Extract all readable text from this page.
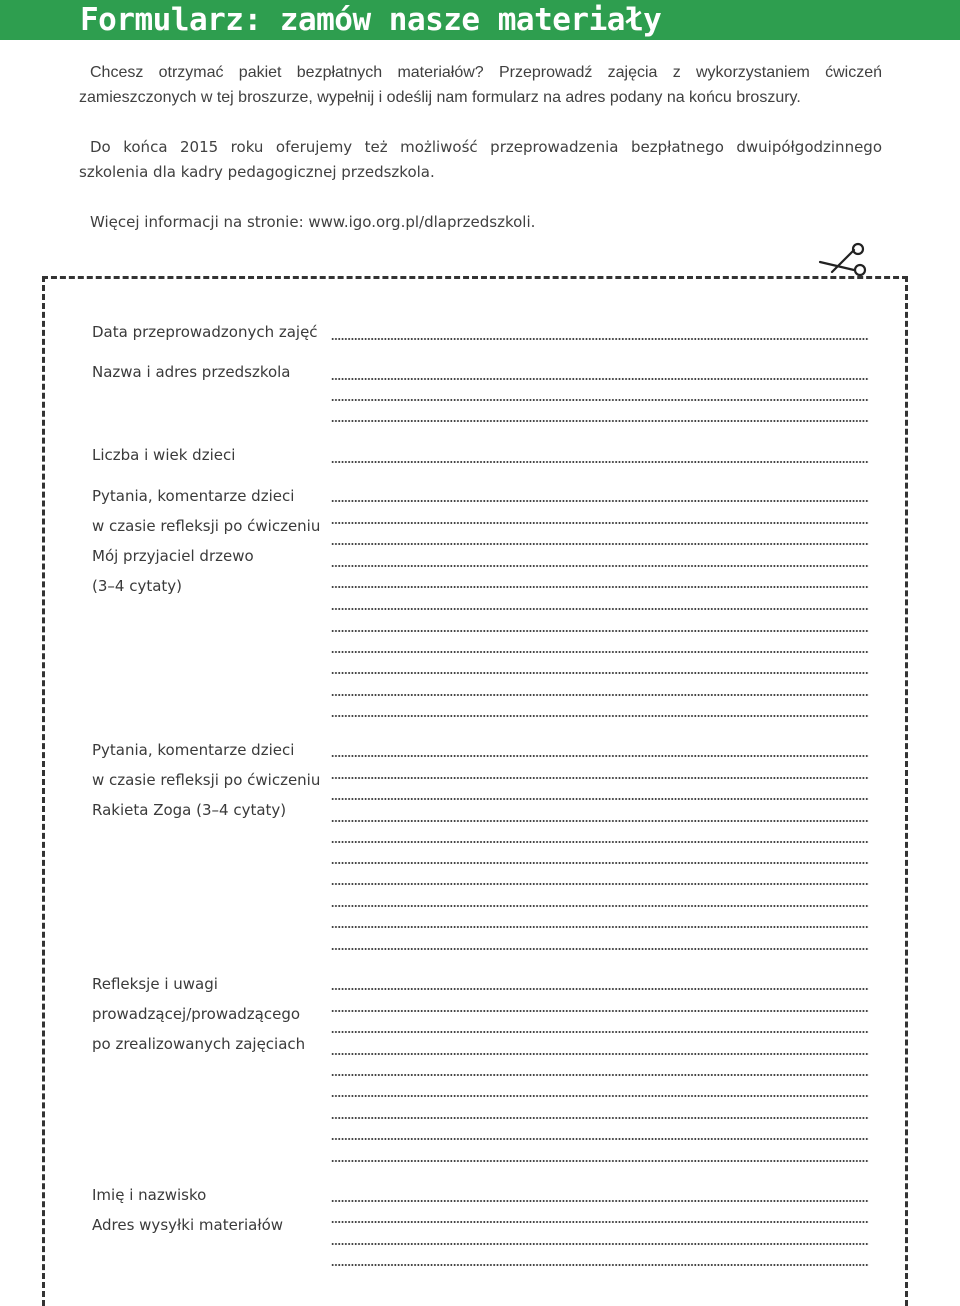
Formularz: zamów nasze materiały

Chcesz otrzymać pakiet bezpłatnych materiałów? Przeprowadź zajęcia z wykorzystaniem ćwiczeń zamieszczonych w tej broszurze, wypełnij i odeślij nam formularz na adres podany na końcu broszury.

Do końca 2015 roku oferujemy też możliwość przeprowadzenia bezpłatnego dwuipółgodzinnego szkolenia dla kadry pedagogicznej przedszkola.

Więcej informacji na stronie: www.igo.org.pl/dlaprzedszkoli.

Data przeprowadzonych zajęć
Nazwa i adres przedszkola
Liczba i wiek dzieci
Pytania, komentarze dzieci
w czasie refleksji po ćwiczeniu
Mój przyjaciel drzewo
(3–4 cytaty)
Pytania, komentarze dzieci
w czasie refleksji po ćwiczeniu
Rakieta Zoga (3–4 cytaty)
Refleksje i uwagi
prowadzącej/prowadzącego
po zrealizowanych zajęciach
Imię i nazwisko
Adres wysyłki materiałów
